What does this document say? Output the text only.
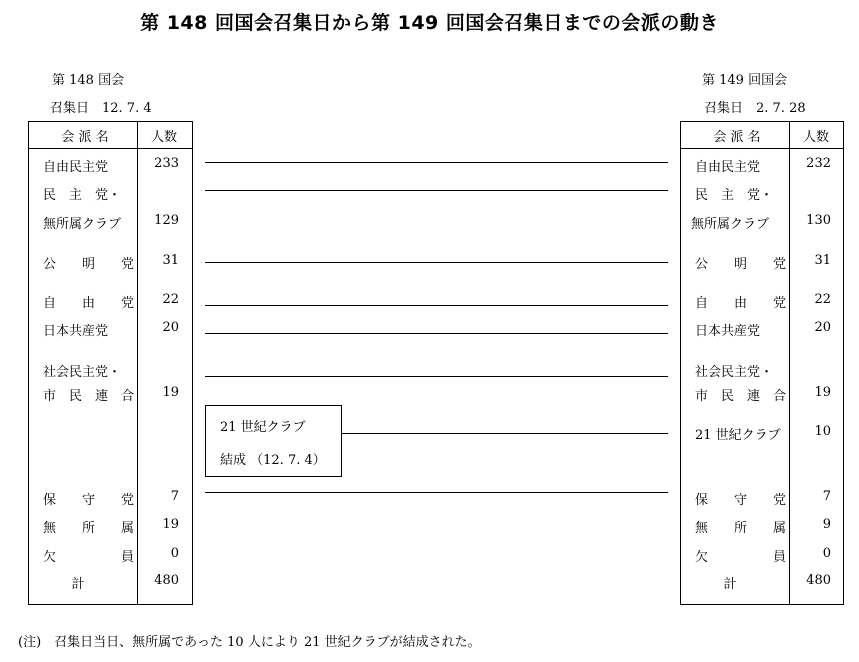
第 148 回国会召集日から第 149 回国会召集日までの会派の動き
第 148 国会
召集日　12. 7. 4
第 149 回国会
召集日　2. 7. 28
会 派 名	人数
自由民主党	233
民　主　党・
無所属クラブ	129
公　　明　　党	31
自　　由　　党	22
日本共産党	20
社会民主党・
市　民　連　合	19
保　　守　　党	7
無　　所　　属	19
欠　　　　　員	0
計	480
会 派 名	人数
自由民主党	232
民　主　党・
無所属クラブ	130
公　　明　　党	31
自　　由　　党	22
日本共産党	20
社会民主党・
市　民　連　合	19
21 世紀クラブ	10
保　　守　　党	7
無　　所　　属	9
欠　　　　　員	0
計	480
21 世紀クラブ
結成 （12. 7. 4）
(注)　召集日当日、無所属であった 10 人により 21 世紀クラブが結成された。
